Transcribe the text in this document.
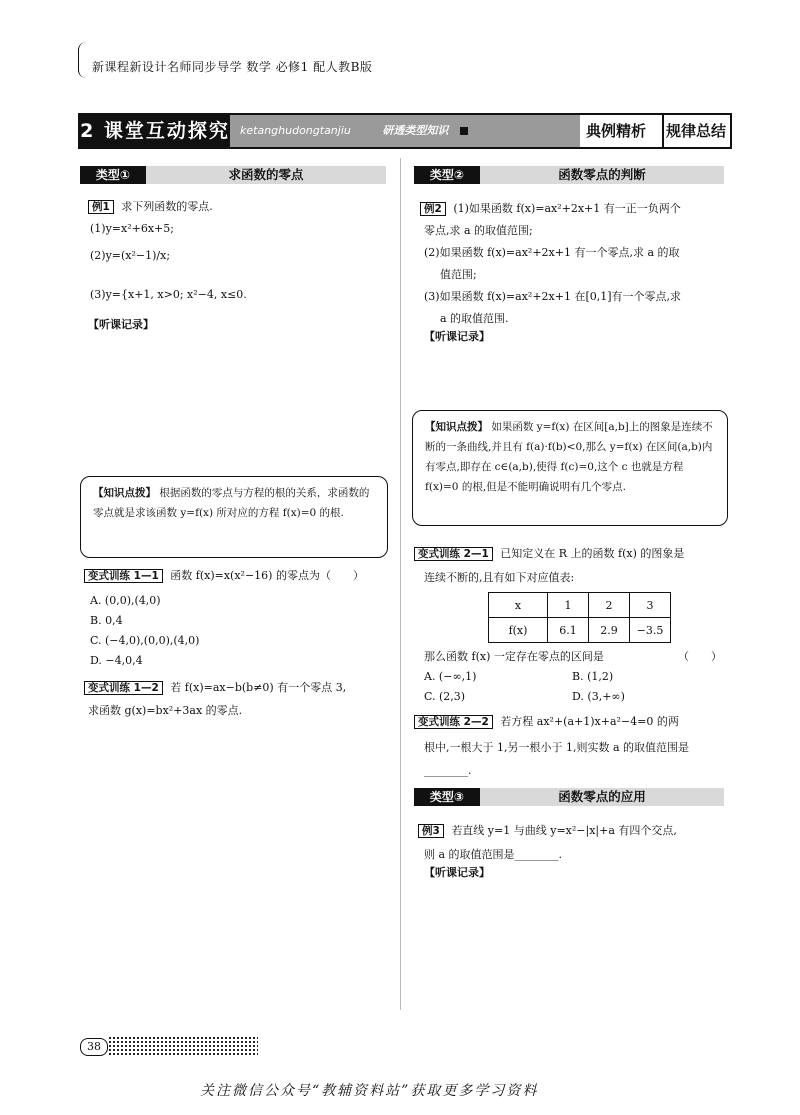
新课程新设计名师同步导学 数学 必修1 配人教B版
2 课堂互动探究 ketanghudongtanjiu	研透类型知识	典例精析	规律总结
类型①	求函数的零点
例1 求下列函数的零点.
(1)y=x²+6x+5;
(2)y=(x²−1)/x;
(3)y={x+1, x>0; x²−4, x≤0.
【听课记录】
【知识点拨】 根据函数的零点与方程的根的关系，求函数的零点就是求该函数 y=f(x) 所对应的方程 f(x)=0 的根.
变式训练 1—1 函数 f(x)=x(x²−16) 的零点为（　　）
A. (0,0),(4,0)
B. 0,4
C. (−4,0),(0,0),(4,0)
D. −4,0,4
变式训练 1—2 若 f(x)=ax−b(b≠0) 有一个零点 3,
求函数 g(x)=bx²+3ax 的零点.
类型②	函数零点的判断
例2 (1)如果函数 f(x)=ax²+2x+1 有一正一负两个
零点,求 a 的取值范围;
(2)如果函数 f(x)=ax²+2x+1 有一个零点,求 a 的取
值范围;
(3)如果函数 f(x)=ax²+2x+1 在[0,1]有一个零点,求
a 的取值范围.
【听课记录】
【知识点拨】 如果函数 y=f(x) 在区间[a,b]上的图象是连续不断的一条曲线,并且有 f(a)·f(b)<0,那么 y=f(x) 在区间(a,b)内有零点,即存在 c∈(a,b),使得 f(c)=0,这个 c 也就是方程 f(x)=0 的根,但是不能明确说明有几个零点.
变式训练 2—1 已知定义在 R 上的函数 f(x) 的图象是
连续不断的,且有如下对应值表:
x	1	2	3
f(x)	6.1	2.9	−3.5
那么函数 f(x) 一定存在零点的区间是	（　　）
A. (−∞,1)	B. (1,2)
C. (2,3)	D. (3,+∞)
变式训练 2—2 若方程 ax²+(a+1)x+a²−4=0 的两
根中,一根大于 1,另一根小于 1,则实数 a 的取值范围是
________.
类型③	函数零点的应用
例3 若直线 y=1 与曲线 y=x²−|x|+a 有四个交点,
则 a 的取值范围是________.
【听课记录】
38
关注微信公众号“教辅资料站”获取更多学习资料
